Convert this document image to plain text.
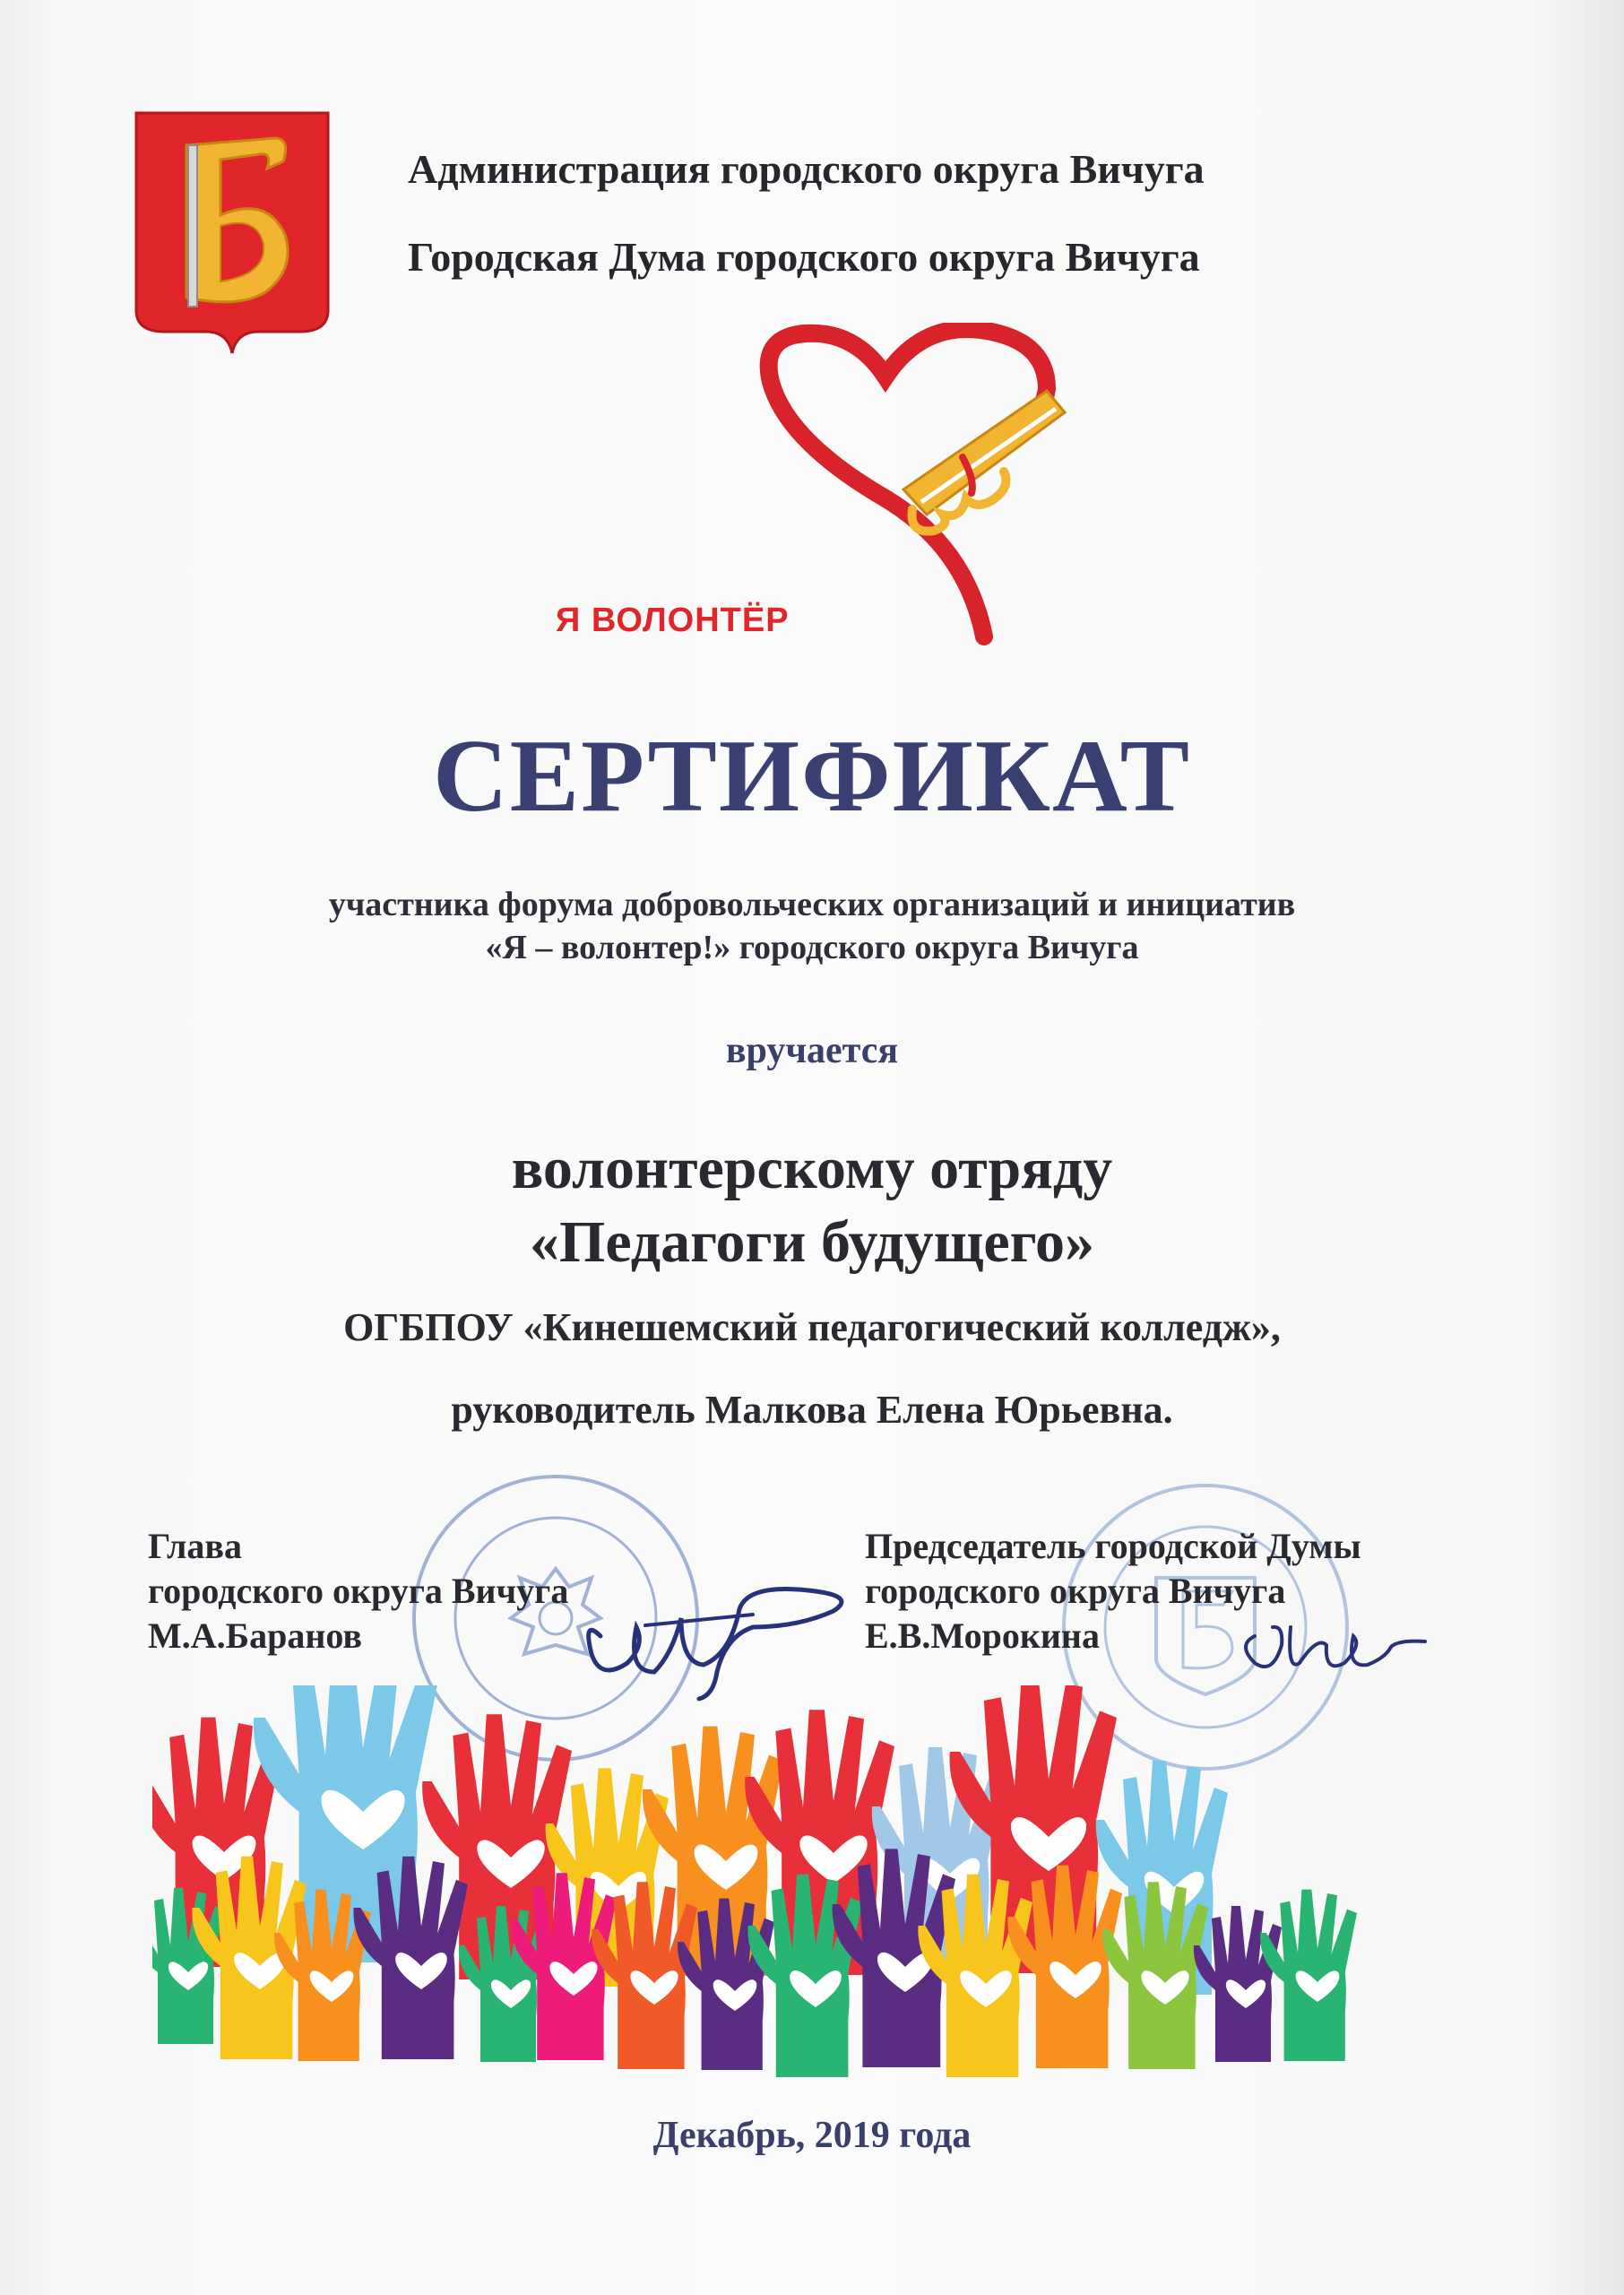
Администрация городского округа Вичуга
Городская Дума городского округа Вичуга
Я ВОЛОНТЁР
СЕРТИФИКАТ
участника форума добровольческих организаций и инициатив
«Я – волонтер!» городского округа Вичуга
вручается
волонтерскому отряду
«Педагоги будущего»
ОГБПОУ «Кинешемский педагогический колледж»,
руководитель Малкова Елена Юрьевна.
Глава
городского округа Вичуга
М.А.Баранов
Председатель городской Думы
городского округа Вичуга
Е.В.Морокина
Декабрь, 2019 года
